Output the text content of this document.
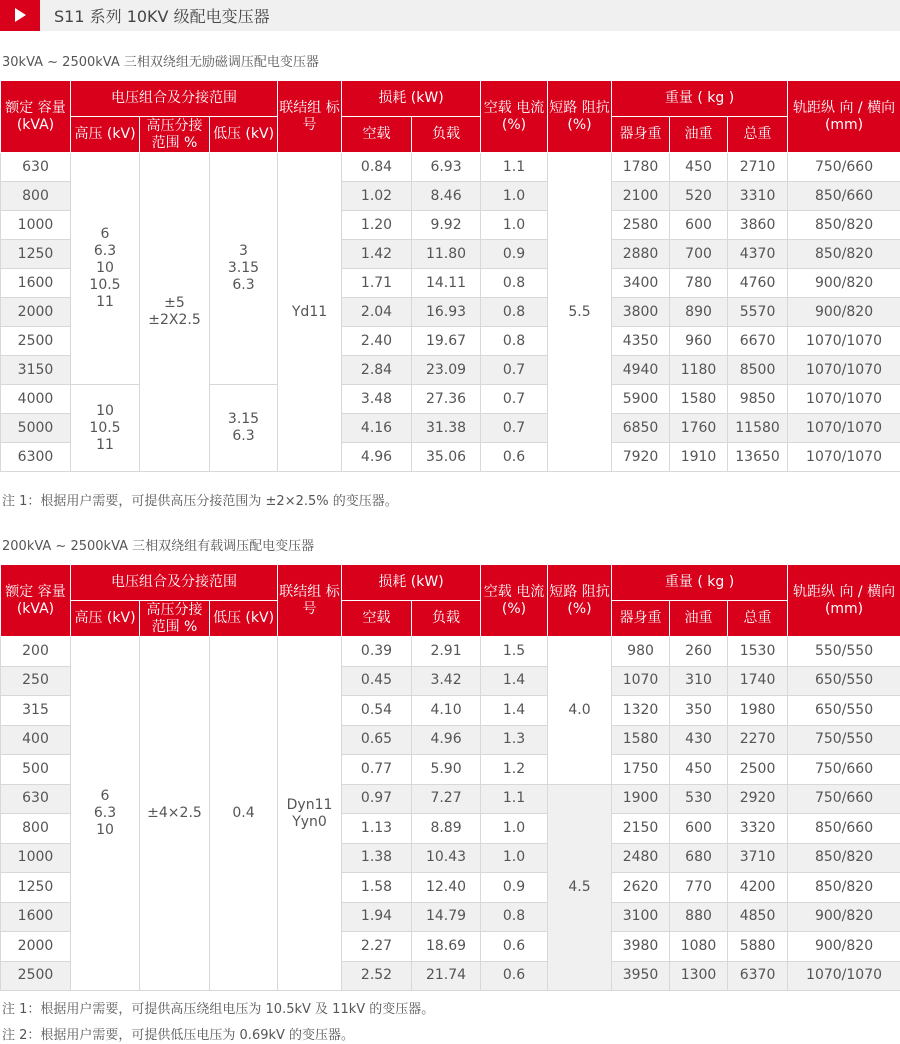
S11 系列 10KV 级配电变压器
30kVA ~ 2500kVA 三相双绕组无励磁调压配电变压器
额定 容量 (kVA)	电压组合及分接范围			联结组 标号	损耗 (kW)		空载 电流 (%)	短路 阻抗 (%)	重量 ( kg )			轨距纵 向 / 横向 (mm)
	高压 (kV)	高压分接 范围 %	低压 (kV)		空载	负载			器身重	油重	总重	
630	6
6.3
10
10.5
11	±5
±2X2.5	3
3.15
6.3	Yd11	0.84	6.93	1.1	5.5	1780	450	2710	750/660
800					1.02	8.46	1.0		2100	520	3310	850/660
1000					1.20	9.92	1.0		2580	600	3860	850/820
1250					1.42	11.80	0.9		2880	700	4370	850/820
1600					1.71	14.11	0.8		3400	780	4760	900/820
2000					2.04	16.93	0.8		3800	890	5570	900/820
2500					2.40	19.67	0.8		4350	960	6670	1070/1070
3150					2.84	23.09	0.7		4940	1180	8500	1070/1070
4000	10
10.5
11		3.15
6.3		3.48	27.36	0.7		5900	1580	9850	1070/1070
5000					4.16	31.38	0.7		6850	1760	11580	1070/1070
6300					4.96	35.06	0.6		7920	1910	13650	1070/1070
注 1：根据用户需要，可提供高压分接范围为 ±2×2.5% 的变压器。
200kVA ~ 2500kVA 三相双绕组有载调压配电变压器
额定 容量 (kVA)	电压组合及分接范围			联结组 标号	损耗 (kW)		空载 电流 (%)	短路 阻抗 (%)	重量 ( kg )			轨距纵 向 / 横向 (mm)
	高压 (kV)	高压分接 范围 %	低压 (kV)		空载	负载			器身重	油重	总重	
200	6
6.3
10	±4×2.5	0.4	Dyn11
Yyn0	0.39	2.91	1.5	4.0	980	260	1530	550/550
250					0.45	3.42	1.4		1070	310	1740	650/550
315					0.54	4.10	1.4		1320	350	1980	650/550
400					0.65	4.96	1.3		1580	430	2270	750/550
500					0.77	5.90	1.2		1750	450	2500	750/660
630					0.97	7.27	1.1	4.5	1900	530	2920	750/660
800					1.13	8.89	1.0		2150	600	3320	850/660
1000					1.38	10.43	1.0		2480	680	3710	850/820
1250					1.58	12.40	0.9		2620	770	4200	850/820
1600					1.94	14.79	0.8		3100	880	4850	900/820
2000					2.27	18.69	0.6		3980	1080	5880	900/820
2500					2.52	21.74	0.6		3950	1300	6370	1070/1070
注 1：根据用户需要，可提供高压绕组电压为 10.5kV 及 11kV 的变压器。
注 2：根据用户需要，可提供低压电压为 0.69kV 的变压器。
